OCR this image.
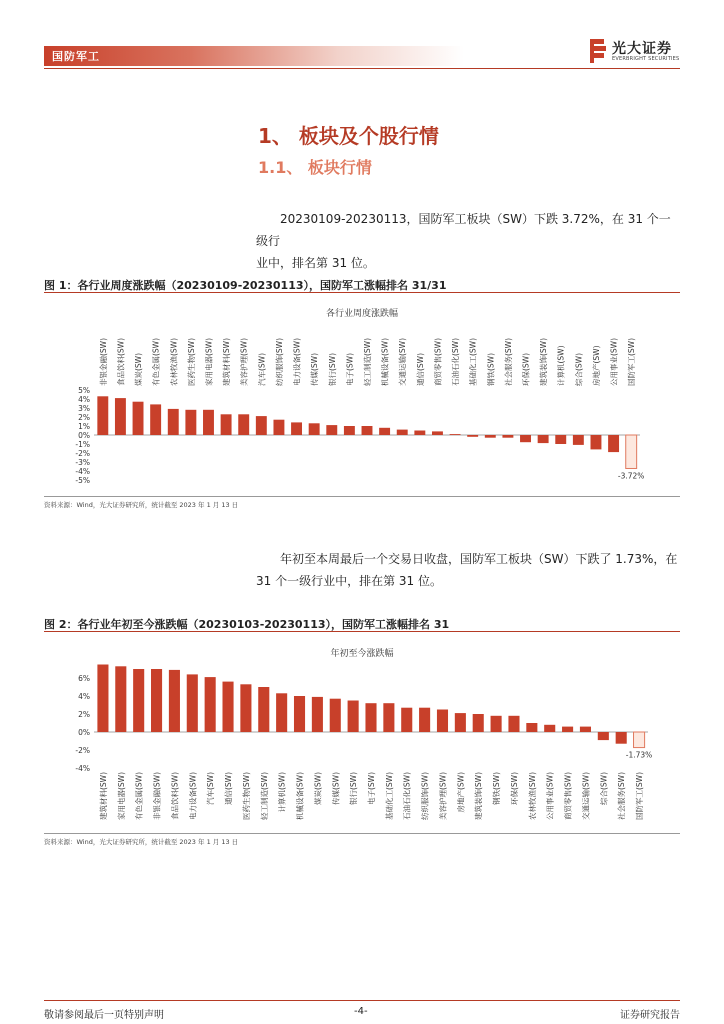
国防军工	光大证券
EVERBRIGHT SECURITIES
1、 板块及个股行情
1.1、 板块行情
20230109-20230113，国防军工板块（SW）下跌 3.72%，在 31 个一级行
业中，排名第 31 位。
图 1：各行业周度涨跌幅（20230109-20230113），国防军工涨幅排名 31/31
各行业周度涨跌幅
5%
4%
3%
2%
1%
0%
-1%
-2%
-3%
-4%
-5%
非银金融(SW) 食品饮料(SW) 煤炭(SW) 有色金属(SW) 农林牧渔(SW) 医药生物(SW) 家用电器(SW) 建筑材料(SW) 美容护理(SW) 汽车(SW) 纺织服饰(SW) 电力设备(SW) 传媒(SW) 银行(SW) 电子(SW) 轻工制造(SW) 机械设备(SW) 交通运输(SW) 通信(SW) 商贸零售(SW) 石油石化(SW) 基础化工(SW) 钢铁(SW) 社会服务(SW) 环保(SW) 建筑装饰(SW) 计算机(SW) 综合(SW) 房地产(SW) 公用事业(SW) 国防军工(SW)
-3.72%
资料来源：Wind，光大证券研究所，统计截至 2023 年 1 月 13 日
年初至本周最后一个交易日收盘，国防军工板块（SW）下跌了 1.73%，在
31 个一级行业中，排在第 31 位。
图 2：各行业年初至今涨跌幅（20230103-20230113），国防军工涨幅排名 31
年初至今涨跌幅
6%
4%
2%
0%
-2%
-4%
建筑材料(SW) 家用电器(SW) 有色金属(SW) 非银金融(SW) 食品饮料(SW) 电力设备(SW) 汽车(SW) 通信(SW) 医药生物(SW) 轻工制造(SW) 计算机(SW) 机械设备(SW) 煤炭(SW) 传媒(SW) 银行(SW) 电子(SW) 基础化工(SW) 石油石化(SW) 纺织服饰(SW) 美容护理(SW) 房地产(SW) 建筑装饰(SW) 钢铁(SW) 环保(SW) 农林牧渔(SW) 公用事业(SW) 商贸零售(SW) 交通运输(SW) 综合(SW) 社会服务(SW) 国防军工(SW)
-1.73%
资料来源：Wind，光大证券研究所，统计截至 2023 年 1 月 13 日
敬请参阅最后一页特别声明	-4-	证券研究报告
